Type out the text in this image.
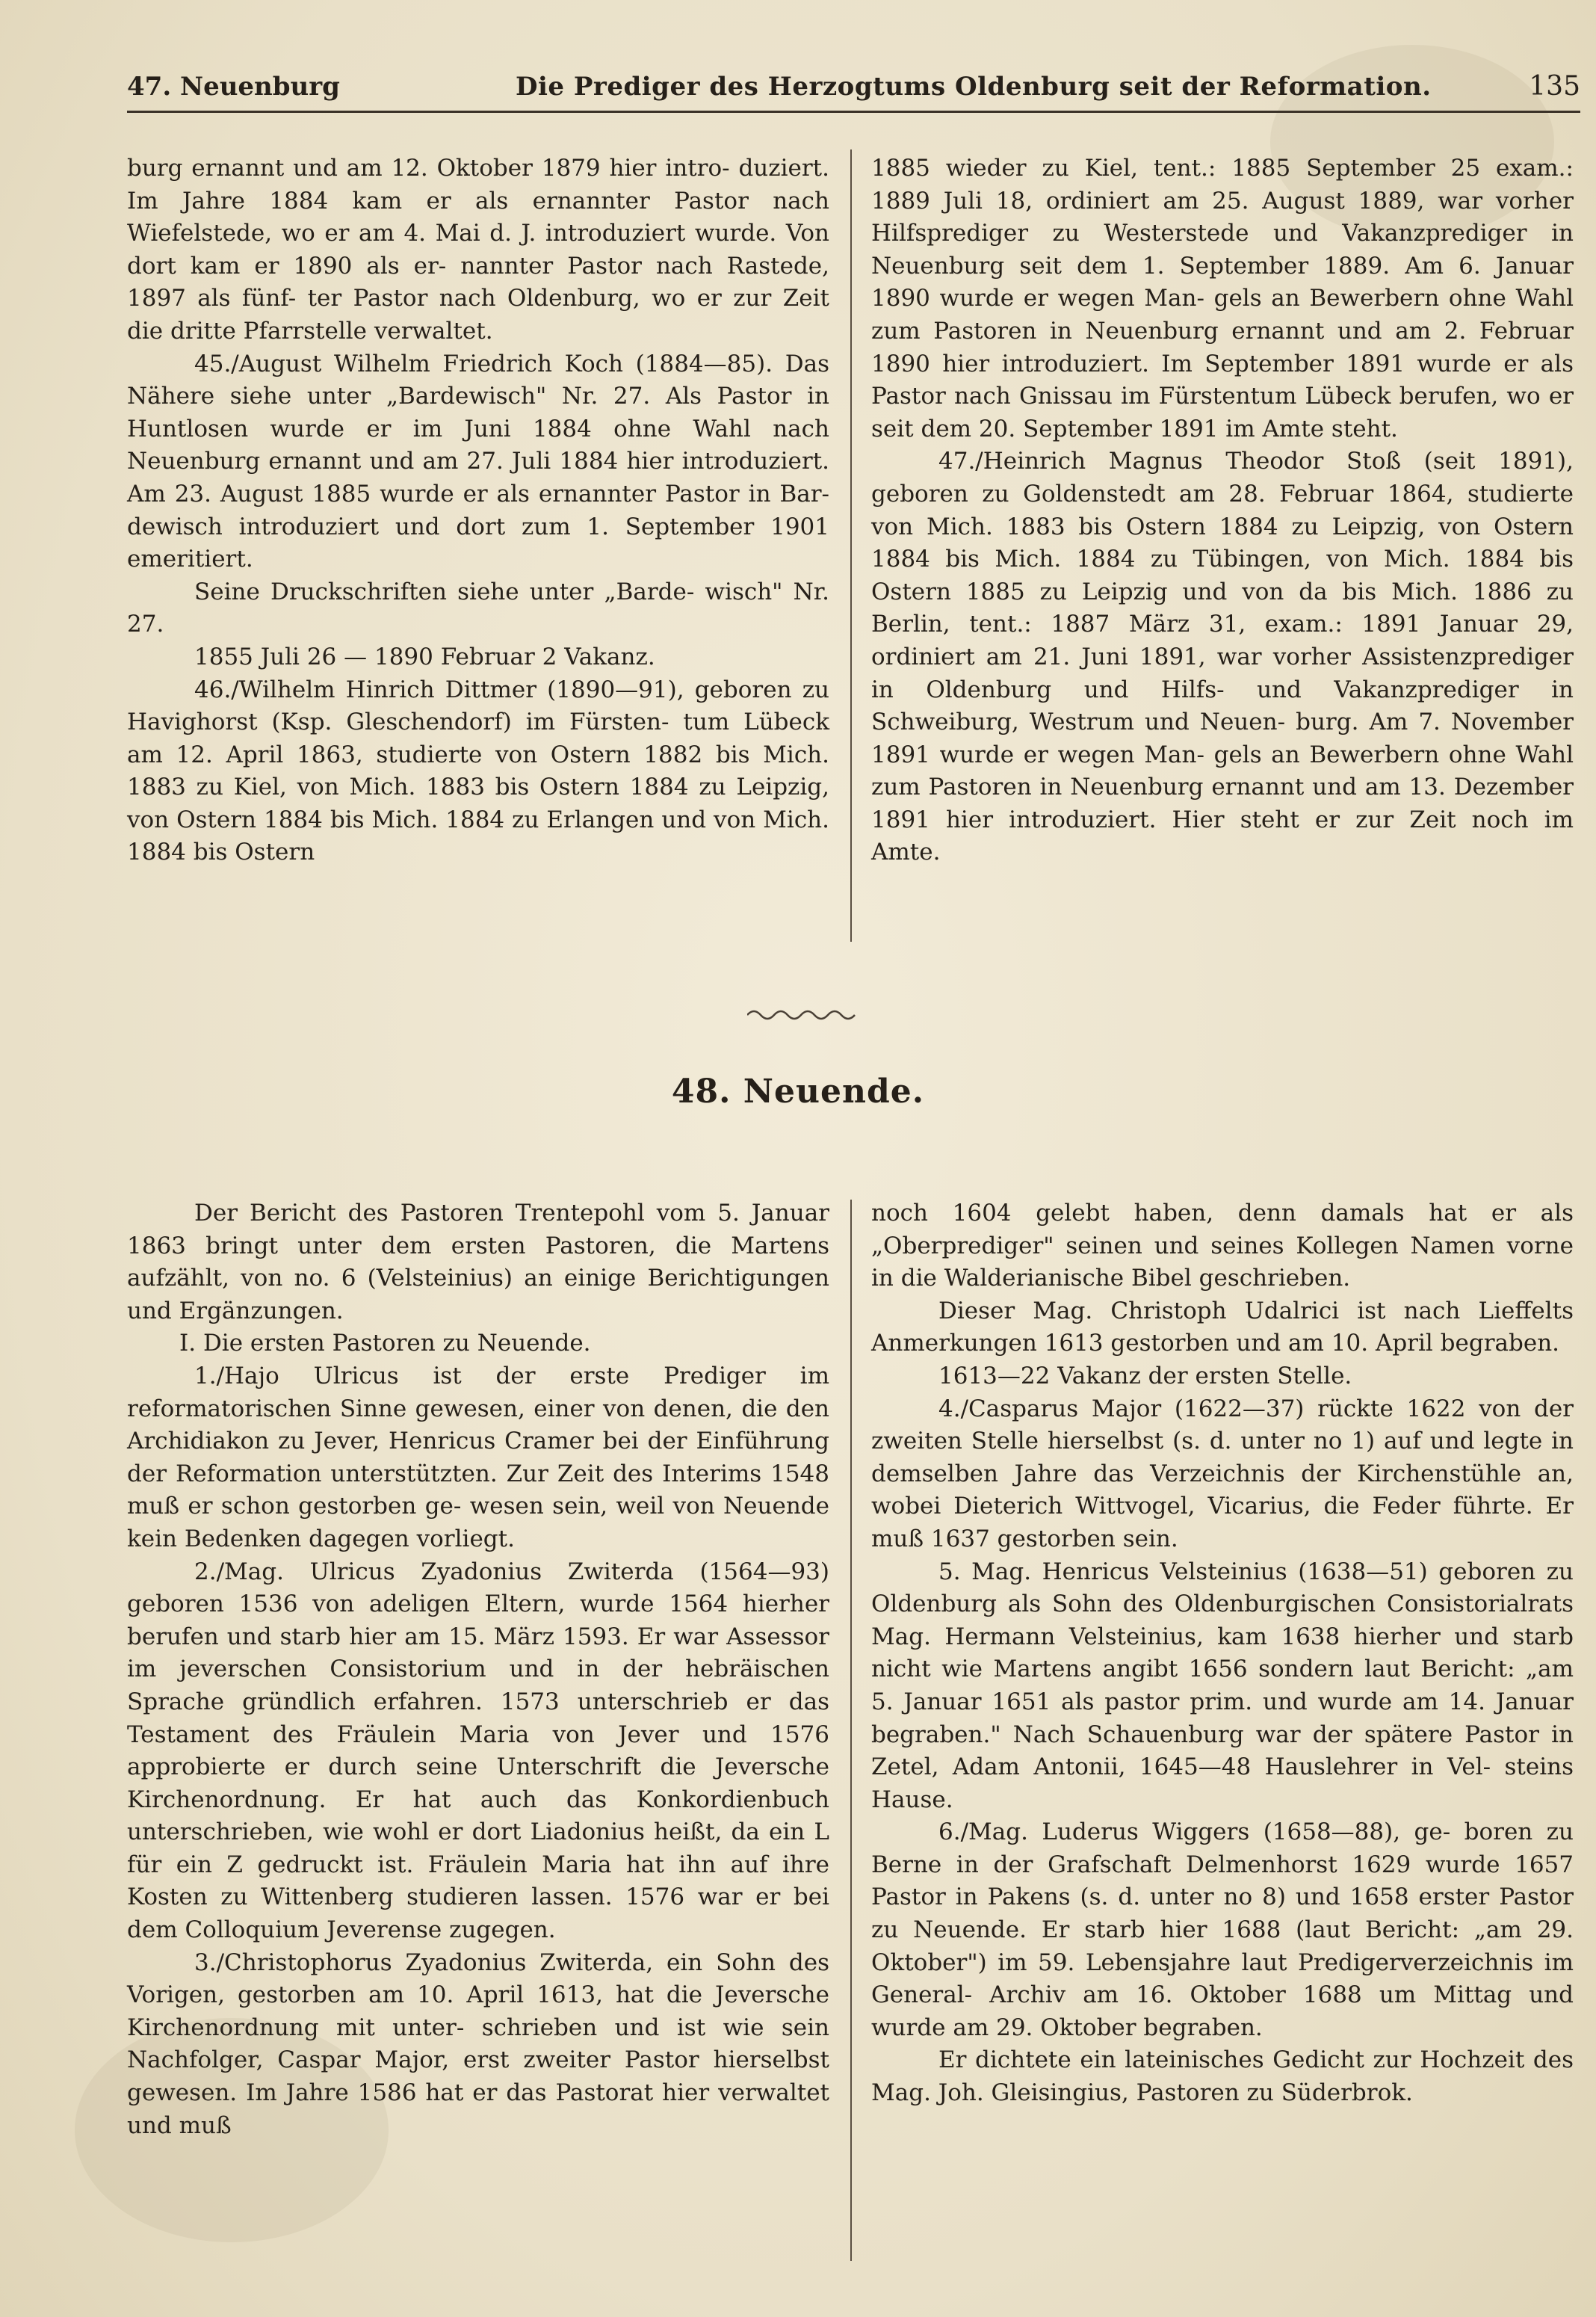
47. Neuenburg	Die Prediger des Herzogtums Oldenburg seit der Reformation.	135

burg ernannt und am 12. Oktober 1879 hier intro- duziert. Im Jahre 1884 kam er als ernannter Pastor nach Wiefelstede, wo er am 4. Mai d. J. introduziert wurde. Von dort kam er 1890 als er- nannter Pastor nach Rastede, 1897 als fünf- ter Pastor nach Oldenburg, wo er zur Zeit die dritte Pfarrstelle verwaltet.

45./August Wilhelm Friedrich Koch (1884—85). Das Nähere siehe unter „Bardewisch" Nr. 27. Als Pastor in Huntlosen wurde er im Juni 1884 ohne Wahl nach Neuenburg ernannt und am 27. Juli 1884 hier introduziert. Am 23. August 1885 wurde er als ernannter Pastor in Bar- dewisch introduziert und dort zum 1. September 1901 emeritiert.

Seine Druckschriften siehe unter „Barde- wisch" Nr. 27.

1855 Juli 26 — 1890 Februar 2 Vakanz.

46./Wilhelm Hinrich Dittmer (1890—91), geboren zu Havighorst (Ksp. Gleschendorf) im Fürsten- tum Lübeck am 12. April 1863, studierte von Ostern 1882 bis Mich. 1883 zu Kiel, von Mich. 1883 bis Ostern 1884 zu Leipzig, von Ostern 1884 bis Mich. 1884 zu Erlangen und von Mich. 1884 bis Ostern

1885 wieder zu Kiel, tent.: 1885 September 25 exam.: 1889 Juli 18, ordiniert am 25. August 1889, war vorher Hilfsprediger zu Westerstede und Vakanzprediger in Neuenburg seit dem 1. September 1889. Am 6. Januar 1890 wurde er wegen Man- gels an Bewerbern ohne Wahl zum Pastoren in Neuenburg ernannt und am 2. Februar 1890 hier introduziert. Im September 1891 wurde er als Pastor nach Gnissau im Fürstentum Lübeck berufen, wo er seit dem 20. September 1891 im Amte steht.

47./Heinrich Magnus Theodor Stoß (seit 1891), geboren zu Goldenstedt am 28. Februar 1864, studierte von Mich. 1883 bis Ostern 1884 zu Leipzig, von Ostern 1884 bis Mich. 1884 zu Tübingen, von Mich. 1884 bis Ostern 1885 zu Leipzig und von da bis Mich. 1886 zu Berlin, tent.: 1887 März 31, exam.: 1891 Januar 29, ordiniert am 21. Juni 1891, war vorher Assistenzprediger in Oldenburg und Hilfs- und Vakanzprediger in Schweiburg, Westrum und Neuen- burg. Am 7. November 1891 wurde er wegen Man- gels an Bewerbern ohne Wahl zum Pastoren in Neuenburg ernannt und am 13. Dezember 1891 hier introduziert. Hier steht er zur Zeit noch im Amte.

48. Neuende.

Der Bericht des Pastoren Trentepohl vom 5. Januar 1863 bringt unter dem ersten Pastoren, die Martens aufzählt, von no. 6 (Velsteinius) an einige Berichtigungen und Ergänzungen.

I. Die ersten Pastoren zu Neuende.

1./Hajo Ulricus ist der erste Prediger im reformatorischen Sinne gewesen, einer von denen, die den Archidiakon zu Jever, Henricus Cramer bei der Einführung der Reformation unterstützten. Zur Zeit des Interims 1548 muß er schon gestorben ge- wesen sein, weil von Neuende kein Bedenken dagegen vorliegt.

2./Mag. Ulricus Zyadonius Zwiterda (1564—93) geboren 1536 von adeligen Eltern, wurde 1564 hierher berufen und starb hier am 15. März 1593. Er war Assessor im jeverschen Consistorium und in der hebräischen Sprache gründlich erfahren. 1573 unterschrieb er das Testament des Fräulein Maria von Jever und 1576 approbierte er durch seine Unterschrift die Jeversche Kirchenordnung. Er hat auch das Konkordienbuch unterschrieben, wie wohl er dort Liadonius heißt, da ein L für ein Z gedruckt ist. Fräulein Maria hat ihn auf ihre Kosten zu Wittenberg studieren lassen. 1576 war er bei dem Colloquium Jeverense zugegen.

3./Christophorus Zyadonius Zwiterda, ein Sohn des Vorigen, gestorben am 10. April 1613, hat die Jeversche Kirchenordnung mit unter- schrieben und ist wie sein Nachfolger, Caspar Major, erst zweiter Pastor hierselbst gewesen. Im Jahre 1586 hat er das Pastorat hier verwaltet und muß

noch 1604 gelebt haben, denn damals hat er als „Oberprediger" seinen und seines Kollegen Namen vorne in die Walderianische Bibel geschrieben.

Dieser Mag. Christoph Udalrici ist nach Lieffelts Anmerkungen 1613 gestorben und am 10. April begraben.

1613—22 Vakanz der ersten Stelle.

4./Casparus Major (1622—37) rückte 1622 von der zweiten Stelle hierselbst (s. d. unter no 1) auf und legte in demselben Jahre das Verzeichnis der Kirchenstühle an, wobei Dieterich Wittvogel, Vicarius, die Feder führte. Er muß 1637 gestorben sein.

5. Mag. Henricus Velsteinius (1638—51) geboren zu Oldenburg als Sohn des Oldenburgischen Consistorialrats Mag. Hermann Velsteinius, kam 1638 hierher und starb nicht wie Martens angibt 1656 sondern laut Bericht: „am 5. Januar 1651 als pastor prim. und wurde am 14. Januar begraben." Nach Schauenburg war der spätere Pastor in Zetel, Adam Antonii, 1645—48 Hauslehrer in Vel- steins Hause.

6./Mag. Luderus Wiggers (1658—88), ge- boren zu Berne in der Grafschaft Delmenhorst 1629 wurde 1657 Pastor in Pakens (s. d. unter no 8) und 1658 erster Pastor zu Neuende. Er starb hier 1688 (laut Bericht: „am 29. Oktober") im 59. Lebensjahre laut Predigerverzeichnis im General- Archiv am 16. Oktober 1688 um Mittag und wurde am 29. Oktober begraben.

Er dichtete ein lateinisches Gedicht zur Hochzeit des Mag. Joh. Gleisingius, Pastoren zu Süderbrok.
